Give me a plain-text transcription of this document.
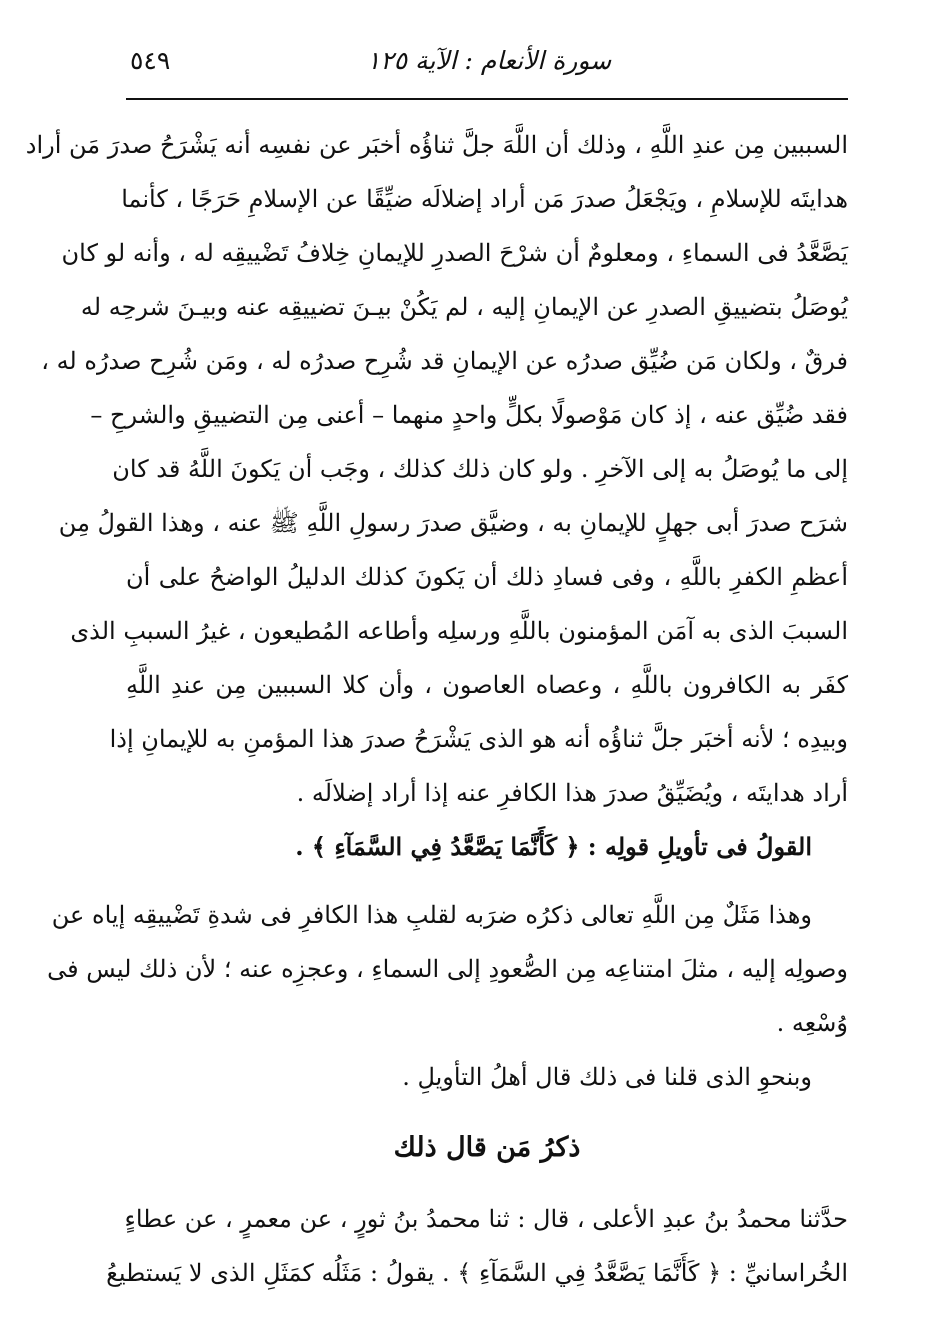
سورة الأنعام : الآية ١٢٥
٥٤٩
السببين مِن عندِ اللَّهِ ، وذلك أن اللَّهَ جلَّ ثناؤُه أخبَر عن نفسِه أنه يَشْرَحُ صدرَ مَن أراد
هدايتَه للإسلامِ ، ويَجْعَلُ صدرَ مَن أراد إضلالَه ضيِّقًا عن الإسلامِ حَرَجًا ، كأنما
يَصَّعَّدُ فى السماءِ ، ومعلومٌ أن شرْحَ الصدرِ للإيمانِ خِلافُ تَضْييقِه له ، وأنه لو كان
يُوصَلُ بتضييقِ الصدرِ عن الإيمانِ إليه ، لم يَكُنْ بيـنَ تضييقِه عنه وبيـنَ شرحِه له
فرقٌ ، ولكان مَن ضُيِّق صدرُه عن الإيمانِ قد شُرِح صدرُه له ، ومَن شُرِح صدرُه له ،
فقد ضُيِّق عنه ، إذ كان مَوْصولًا بكلٍّ واحدٍ منهما – أعنى مِن التضييقِ والشرحِ –
إلى ما يُوصَلُ به إلى الآخرِ . ولو كان ذلك كذلك ، وجَب أن يَكونَ اللَّهُ قد كان
شرَح صدرَ أبى جهلٍ للإيمانِ به ، وضيَّق صدرَ رسولِ اللَّهِ ﷺ عنه ، وهذا القولُ مِن
أعظمِ الكفرِ باللَّهِ ، وفى فسادِ ذلك أن يَكونَ كذلك الدليلُ الواضحُ على أن
السببَ الذى به آمَن المؤمنون باللَّهِ ورسلِه وأطاعه المُطيعون ، غيرُ السببِ الذى
كفَر به الكافرون باللَّهِ ، وعصاه العاصون ، وأن كلا السببين مِن عندِ اللَّهِ
وبيدِه ؛ لأنه أخبَر جلَّ ثناؤُه أنه هو الذى يَشْرَحُ صدرَ هذا المؤمنِ به للإيمانِ إذا
أراد هدايتَه ، ويُضَيِّقُ صدرَ هذا الكافرِ عنه إذا أراد إضلالَه .
القولُ فى تأويلِ قولِه : ﴿ كَأَنَّمَا يَصَّعَّدُ فِي السَّمَآءِ ﴾ .
وهذا مَثَلٌ مِن اللَّهِ تعالى ذكرُه ضرَبه لقلبِ هذا الكافرِ فى شدةِ تَضْييقِه إياه عن
وصولِه إليه ، مثلَ امتناعِه مِن الصُّعودِ إلى السماءِ ، وعجزِه عنه ؛ لأن ذلك ليس فى
وُسْعِه .
وبنحوِ الذى قلنا فى ذلك قال أهلُ التأويلِ .
ذكرُ مَن قال ذلك
حدَّثنا محمدُ بنُ عبدِ الأعلى ، قال : ثنا محمدُ بنُ ثورٍ ، عن معمرٍ ، عن عطاءٍ
الخُراسانيِّ : ﴿ كَأَنَّمَا يَصَّعَّدُ فِي السَّمَآءِ ﴾ . يقولُ : مَثَلُه كمَثَلِ الذى لا يَستطيعُ
